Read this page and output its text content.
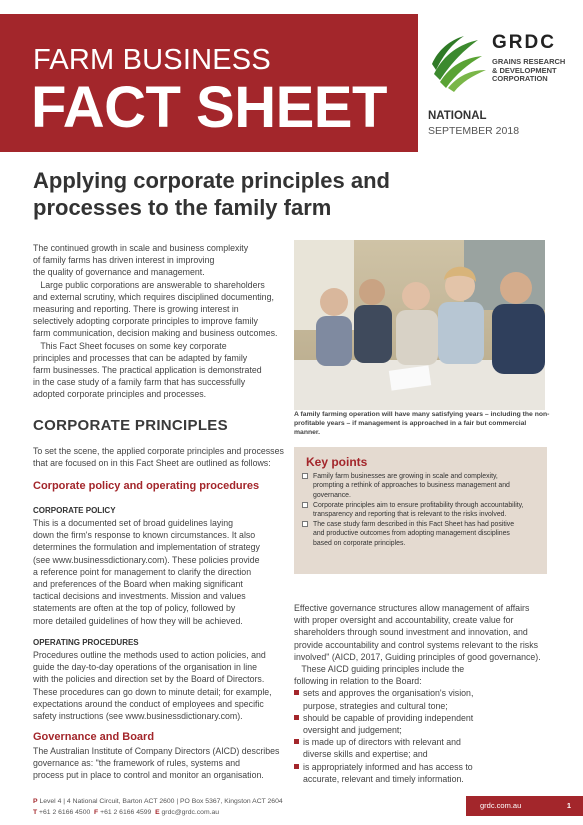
FARM BUSINESS
FACT SHEET
GRDC
GRAINS RESEARCH
& DEVELOPMENT
CORPORATION
NATIONAL
SEPTEMBER 2018
Applying corporate principles and
processes to the family farm

The continued growth in scale and business complexity
of family farms has driven interest in improving
the quality of governance and management.

Large public corporations are answerable to shareholders
and external scrutiny, which requires disciplined documenting,
measuring and reporting. There is growing interest in
selectively adopting corporate principles to improve family
farm communication, decision making and business outcomes.

This Fact Sheet focuses on some key corporate
principles and processes that can be adapted by family
farm businesses. The practical application is demonstrated
in the case study of a family farm that has successfully
adopted corporate principles and processes.

A family farming operation will have many satisfying years – including the non-profitable years – if management is approached in a fair but commercial manner.
CORPORATE PRINCIPLES
To set the scene, the applied corporate principles and processes
that are focused on in this Fact Sheet are outlined as follows:
Corporate policy and operating procedures
CORPORATE POLICY
This is a documented set of broad guidelines laying
down the firm's response to known circumstances. It also
determines the formulation and implementation of strategy
(see www.businessdictionary.com). These policies provide
a reference point for management to clarify the direction
and preferences of the Board when making significant
tactical decisions and investments. Mission and values
statements are often at the top of policy, followed by
more detailed guidelines of how they will be achieved.
OPERATING PROCEDURES
Procedures outline the methods used to action policies, and
guide the day-to-day operations of the organisation in line
with the policies and direction set by the Board of Directors.
These procedures can go down to minute detail; for example,
expectations around the conduct of employees and specific
safety instructions (see www.businessdictionary.com).
Governance and Board
The Australian Institute of Company Directors (AICD) describes
governance as: "the framework of rules, systems and
process put in place to control and monitor an organisation.
Key points
Family farm businesses are growing in scale and complexity,
prompting a rethink of approaches to business management and
governance.
Corporate principles aim to ensure profitability through accountability,
transparency and reporting that is relevant to the risks involved.
The case study farm described in this Fact Sheet has had positive
and productive outcomes from adopting management disciplines
based on corporate principles.

Effective governance structures allow management of affairs
with proper oversight and accountability, create value for
shareholders through sound investment and innovation, and
provide accountability and control systems relevant to the risks
involved" (AICD, 2017, Guiding principles of good governance).

These AICD guiding principles include the
following in relation to the Board:

sets and approves the organisation's vision,
purpose, strategies and cultural tone;
should be capable of providing independent
oversight and judgement;
is made up of directors with relevant and
diverse skills and expertise; and
is appropriately informed and has access to
accurate, relevant and timely information.
P Level 4 | 4 National Circuit, Barton ACT 2600 | PO Box 5367, Kingston ACT 2604
T +61 2 6166 4500 F +61 2 6166 4599 E grdc@grdc.com.au
grdc.com.au	1
